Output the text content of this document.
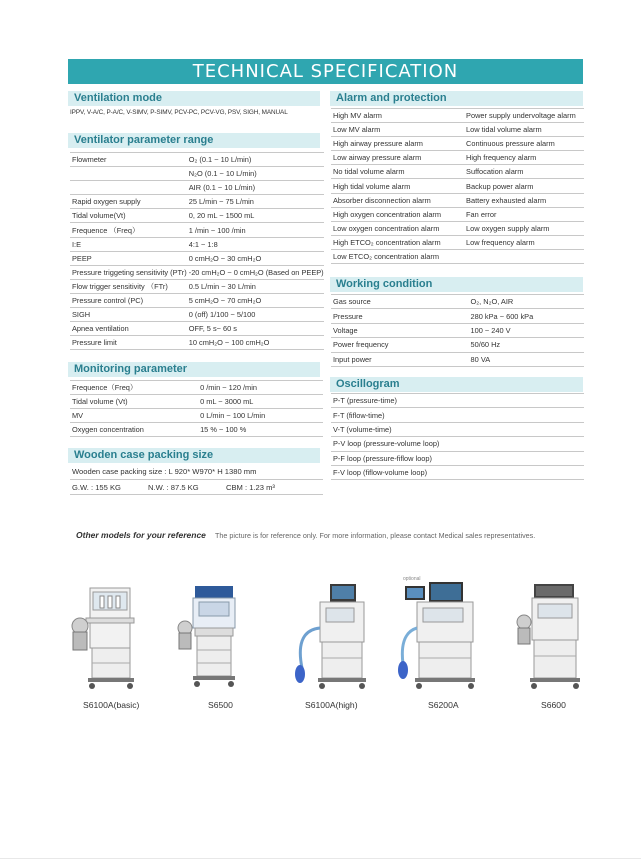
TECHNICAL SPECIFICATION
Ventilation mode
IPPV, V-A/C, P-A/C, V-SIMV, P-SIMV, PCV-PC, PCV-VG, PSV, SIGH, MANUAL
Ventilator parameter range
Flowmeter	O₂ (0.1 ~ 10 L/min)
	N₂O (0.1 ~ 10 L/min)
	AIR (0.1 ~ 10 L/min)
Rapid oxygen supply	25 L/min ~ 75 L/min
Tidal volume(Vt)	0, 20 mL ~ 1500 mL
Frequence （Freq）	1 /min ~ 100 /min
I:E	4:1 ~ 1:8
PEEP	0 cmH₂O ~ 30 cmH₂O
Pressure triggeting sensitivity (PTr)	-20 cmH₂O ~ 0 cmH₂O (Based on PEEP)
Flow trigger sensitivity （FTr)	0.5 L/min ~ 30 L/min
Pressure control (PC)	5 cmH₂O ~ 70 cmH₂O
SIGH	0 (off) 1/100 ~ 5/100
Apnea ventilation	OFF, 5 s~ 60 s
Pressure limit	10 cmH₂O ~ 100 cmH₂O
Monitoring parameter
Frequence（Freq）	0 /min ~ 120 /min
Tidal volume (Vt)	0 mL ~ 3000 mL
MV	0 L/min ~ 100 L/min
Oxygen concentration	15 % ~ 100 %
Wooden case packing size
Wooden case packing size : L 920* W970* H 1380 mm
G.W. : 155 KG	N.W. : 87.5 KG	CBM : 1.23 m³
Alarm and protection
High MV alarm	Power supply undervoltage alarm
Low MV alarm	Low tidal volume alarm
High airway pressure alarm	Continuous pressure alarm
Low airway pressure alarm	High frequency alarm
No tidal volume alarm	Suffocation alarm
High tidal volume alarm	Backup power alarm
Absorber disconnection alarm	Battery exhausted alarm
High oxygen concentration alarm	Fan error
Low oxygen concentration alarm	Low oxygen supply alarm
High ETCO₂ concentration alarm	Low frequency alarm
Low ETCO₂ concentration alarm	
Working condition
Gas source	O₂, N₂O, AIR
Pressure	280 kPa ~ 600 kPa
Voltage	100 ~ 240 V
Power frequency	50/60 Hz
Input power	80 VA
Oscillogram
P-T (pressure-time)
F-T (fiflow-time)
V-T (volume-time)
P-V loop (pressure-volume loop)
P-F loop (pressure-fiflow loop)
F-V loop (fiflow-volume loop)
Other models for your reference The picture is for reference only. For more information, please contact Medical sales representatives.
optional
S6100A(basic)	S6500	S6100A(high)	S6200A	S6600
